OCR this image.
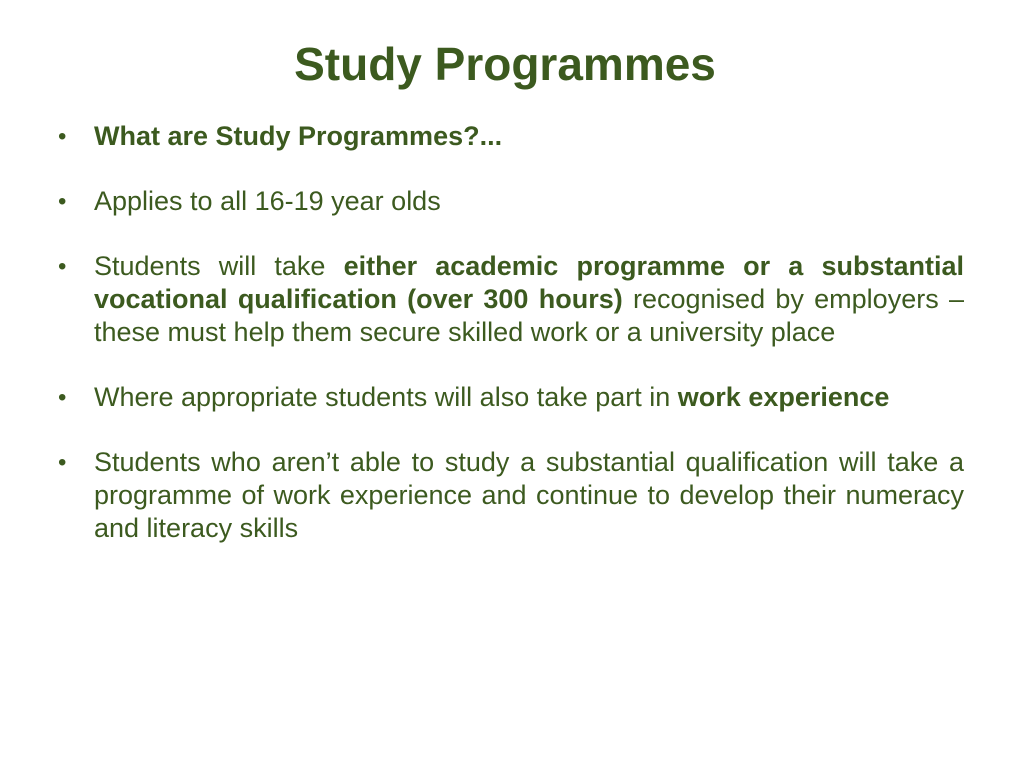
Study Programmes
•	What are Study Programmes?...
•	Applies to all 16-19 year olds
•	Students will take either academic programme or a substantial vocational qualification (over 300 hours) recognised by employers – these must help them secure skilled work or a university place
•	Where appropriate students will also take part in work experience
•	Students who aren’t able to study a substantial qualification will take a programme of work experience and continue to develop their numeracy and literacy skills
